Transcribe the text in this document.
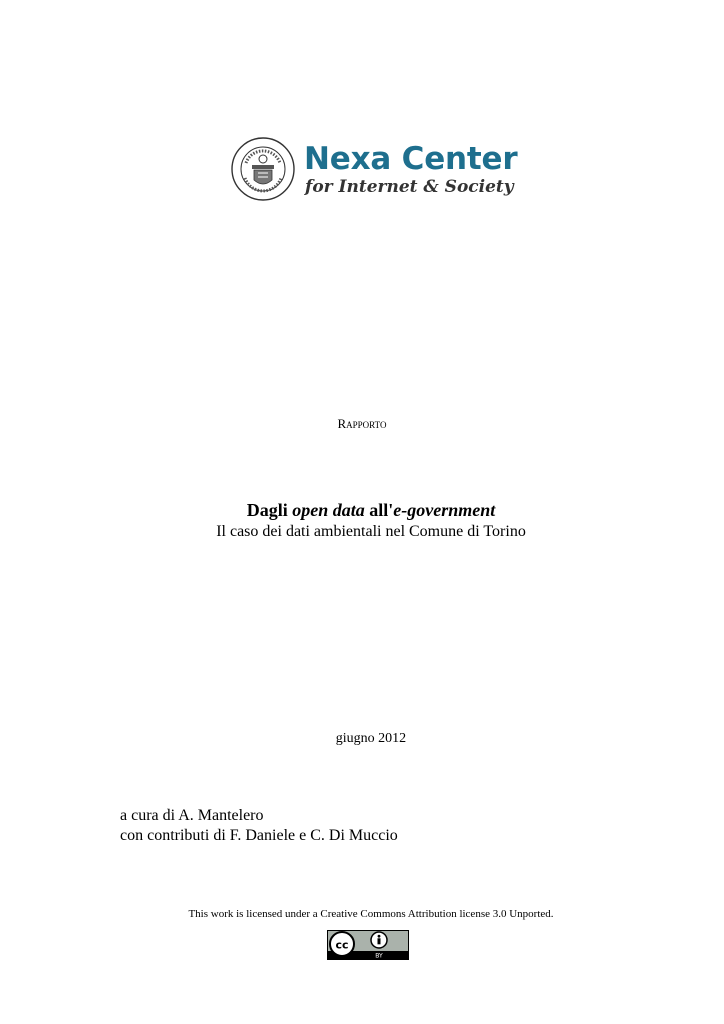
Nexa Center
for Internet & Society
Rapporto
Dagli open data all'e-government
Il caso dei dati ambientali nel Comune di Torino
giugno 2012
a cura di A. Mantelero
con contributi di F. Daniele e C. Di Muccio
This work is licensed under a Creative Commons Attribution license 3.0 Unported.
cc
BY
